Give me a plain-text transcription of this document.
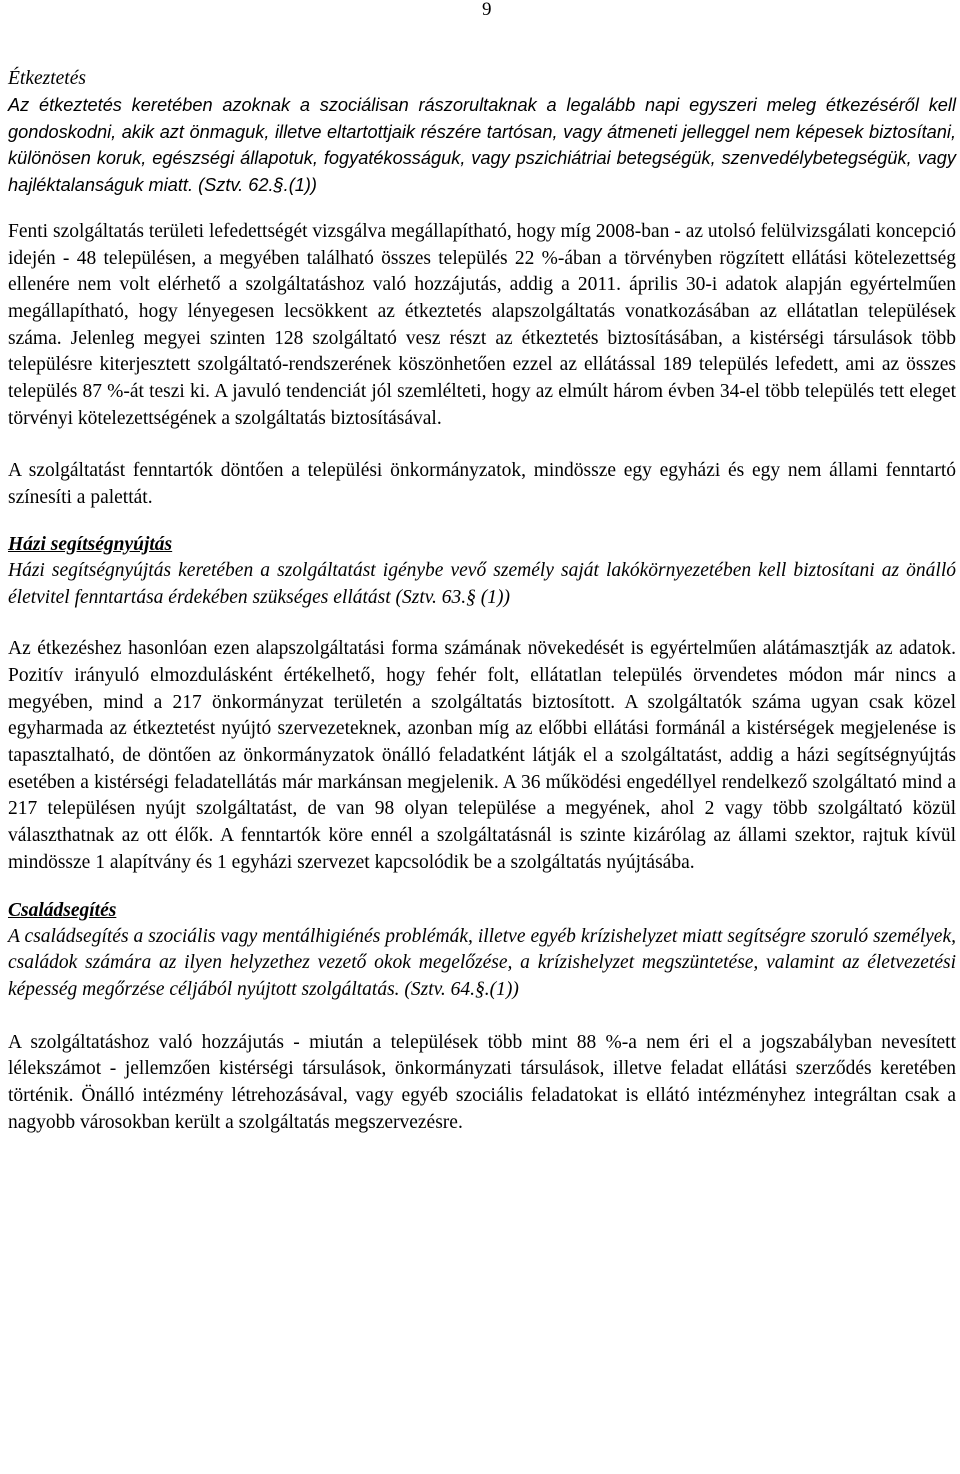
9

Étkeztetés

Az étkeztetés keretében azoknak a szociálisan rászorultaknak a legalább napi egyszeri meleg étkezéséről kell gondoskodni, akik azt önmaguk, illetve eltartottjaik részére tartósan, vagy átmeneti jelleggel nem képesek biztosítani, különösen koruk, egészségi állapotuk, fogyatékosságuk, vagy pszichiátriai betegségük, szenvedélybetegségük, vagy hajléktalanságuk miatt. (Sztv. 62.§.(1))

Fenti szolgáltatás területi lefedettségét vizsgálva megállapítható, hogy míg 2008-ban - az utolsó felülvizsgálati koncepció idején - 48 településen, a megyében található összes település 22 %-ában a törvényben rögzített ellátási kötelezettség ellenére nem volt elérhető a szolgáltatáshoz való hozzájutás, addig a 2011. április 30-i adatok alapján egyértelműen megállapítható, hogy lényegesen lecsökkent az étkeztetés alapszolgáltatás vonatkozásában az ellátatlan települések száma. Jelenleg megyei szinten 128 szolgáltató vesz részt az étkeztetés biztosításában, a kistérségi társulások több településre kiterjesztett szolgáltató-rendszerének köszönhetően ezzel az ellátással 189 település lefedett, ami az összes település 87 %-át teszi ki. A javuló tendenciát jól szemlélteti, hogy az elmúlt három évben 34-el több település tett eleget törvényi kötelezettségének a szolgáltatás biztosításával.

A szolgáltatást fenntartók döntően a települési önkormányzatok, mindössze egy egyházi és egy nem állami fenntartó színesíti a palettát.

Házi segítségnyújtás

Házi segítségnyújtás keretében a szolgáltatást igénybe vevő személy saját lakókörnyezetében kell biztosítani az önálló életvitel fenntartása érdekében szükséges ellátást (Sztv. 63.§ (1))

Az étkezéshez hasonlóan ezen alapszolgáltatási forma számának növekedését is egyértelműen alátámasztják az adatok. Pozitív irányuló elmozdulásként értékelhető, hogy fehér folt, ellátatlan település örvendetes módon már nincs a megyében, mind a 217 önkormányzat területén a szolgáltatás biztosított. A szolgáltatók száma ugyan csak közel egyharmada az étkeztetést nyújtó szervezeteknek, azonban míg az előbbi ellátási formánál a kistérségek megjelenése is tapasztalható, de döntően az önkormányzatok önálló feladatként látják el a szolgáltatást, addig a házi segítségnyújtás esetében a kistérségi feladatellátás már markánsan megjelenik. A 36 működési engedéllyel rendelkező szolgáltató mind a 217 településen nyújt szolgáltatást, de van 98 olyan települése a megyének, ahol 2 vagy több szolgáltató közül választhatnak az ott élők. A fenntartók köre ennél a szolgáltatásnál is szinte kizárólag az állami szektor, rajtuk kívül mindössze 1 alapítvány és 1 egyházi szervezet kapcsolódik be a szolgáltatás nyújtásába.

Családsegítés

A családsegítés a szociális vagy mentálhigiénés problémák, illetve egyéb krízishelyzet miatt segítségre szoruló személyek, családok számára az ilyen helyzethez vezető okok megelőzése, a krízishelyzet megszüntetése, valamint az életvezetési képesség megőrzése céljából nyújtott szolgáltatás. (Sztv. 64.§.(1))

A szolgáltatáshoz való hozzájutás - miután a települések több mint 88 %-a nem éri el a jogszabályban nevesített lélekszámot - jellemzően kistérségi társulások, önkormányzati társulások, illetve feladat ellátási szerződés keretében történik. Önálló intézmény létrehozásával, vagy egyéb szociális feladatokat is ellátó intézményhez integráltan csak a nagyobb városokban került a szolgáltatás megszervezésre.
